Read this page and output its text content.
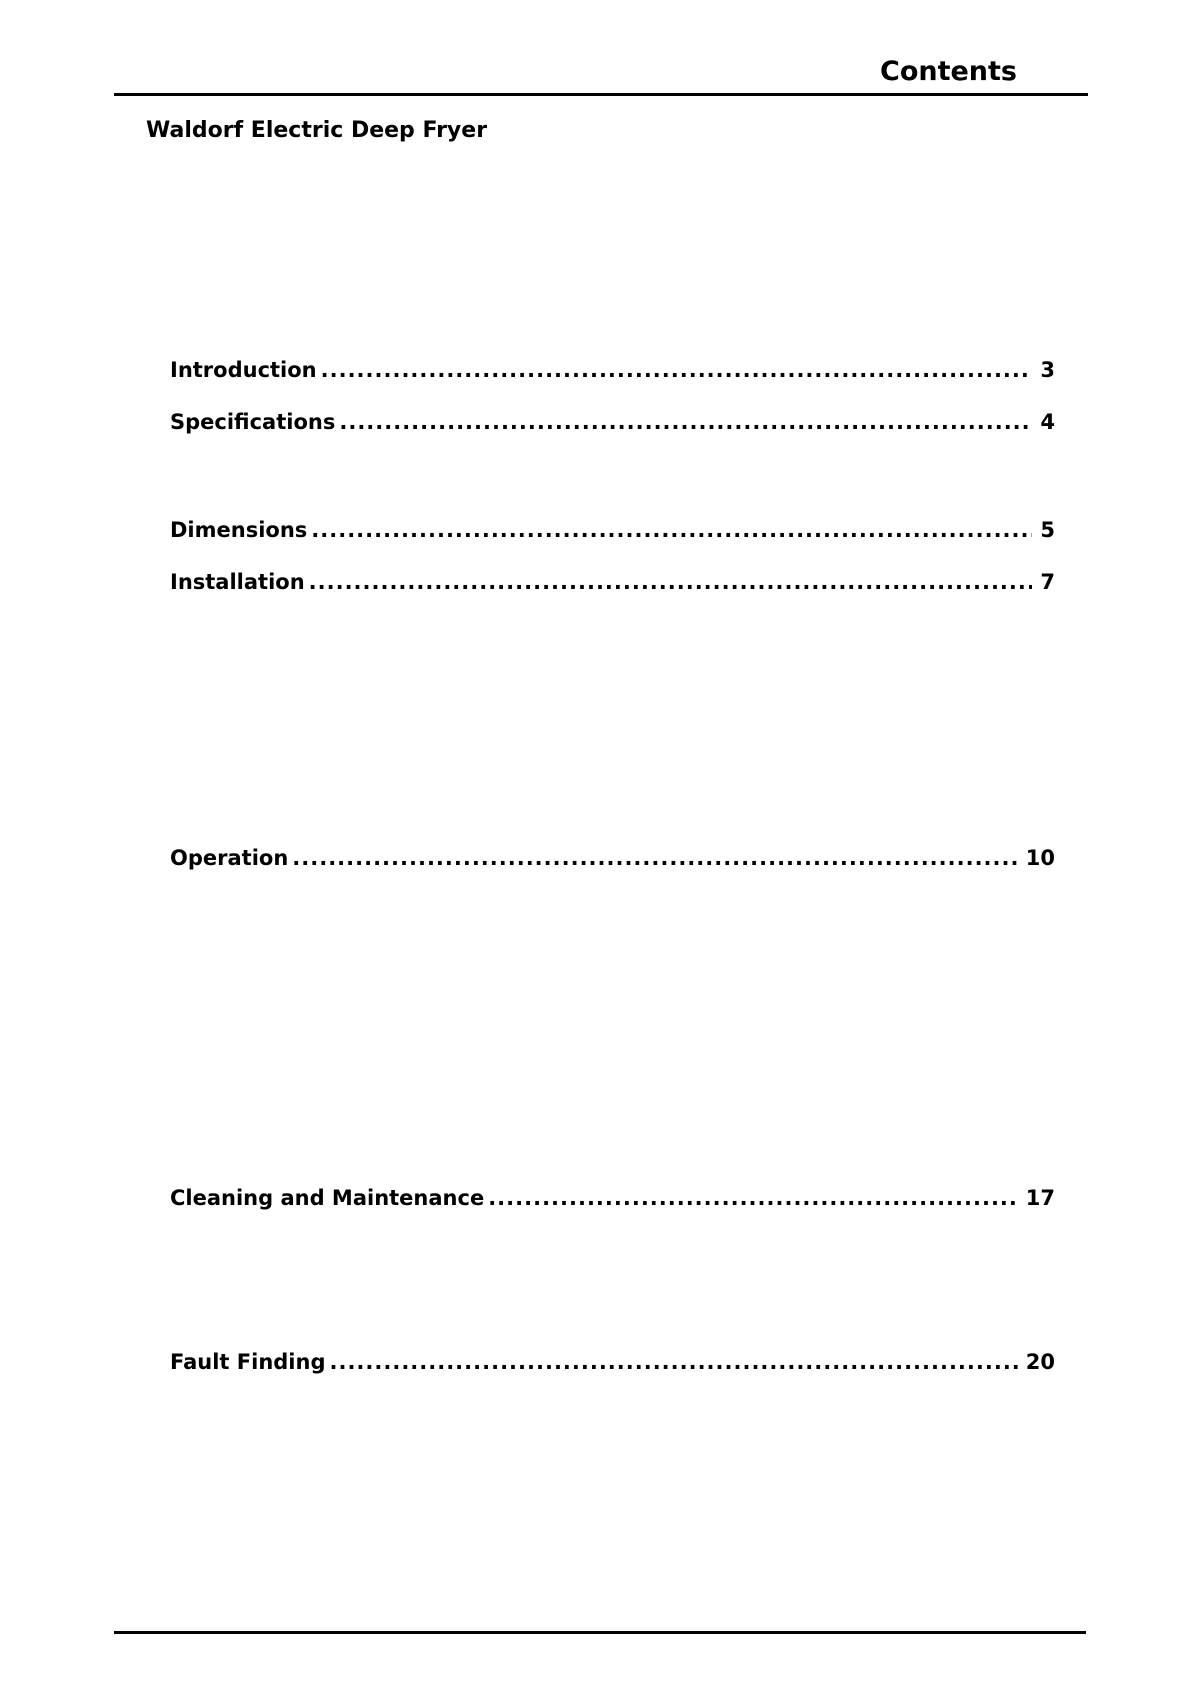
Contents
Waldorf Electric Deep Fryer
Introduction .....	3
Specifications .....	4
Dimensions .....	5
Installation .....	7
Operation .....	10
Cleaning and Maintenance .....	17
Fault Finding .....	20
